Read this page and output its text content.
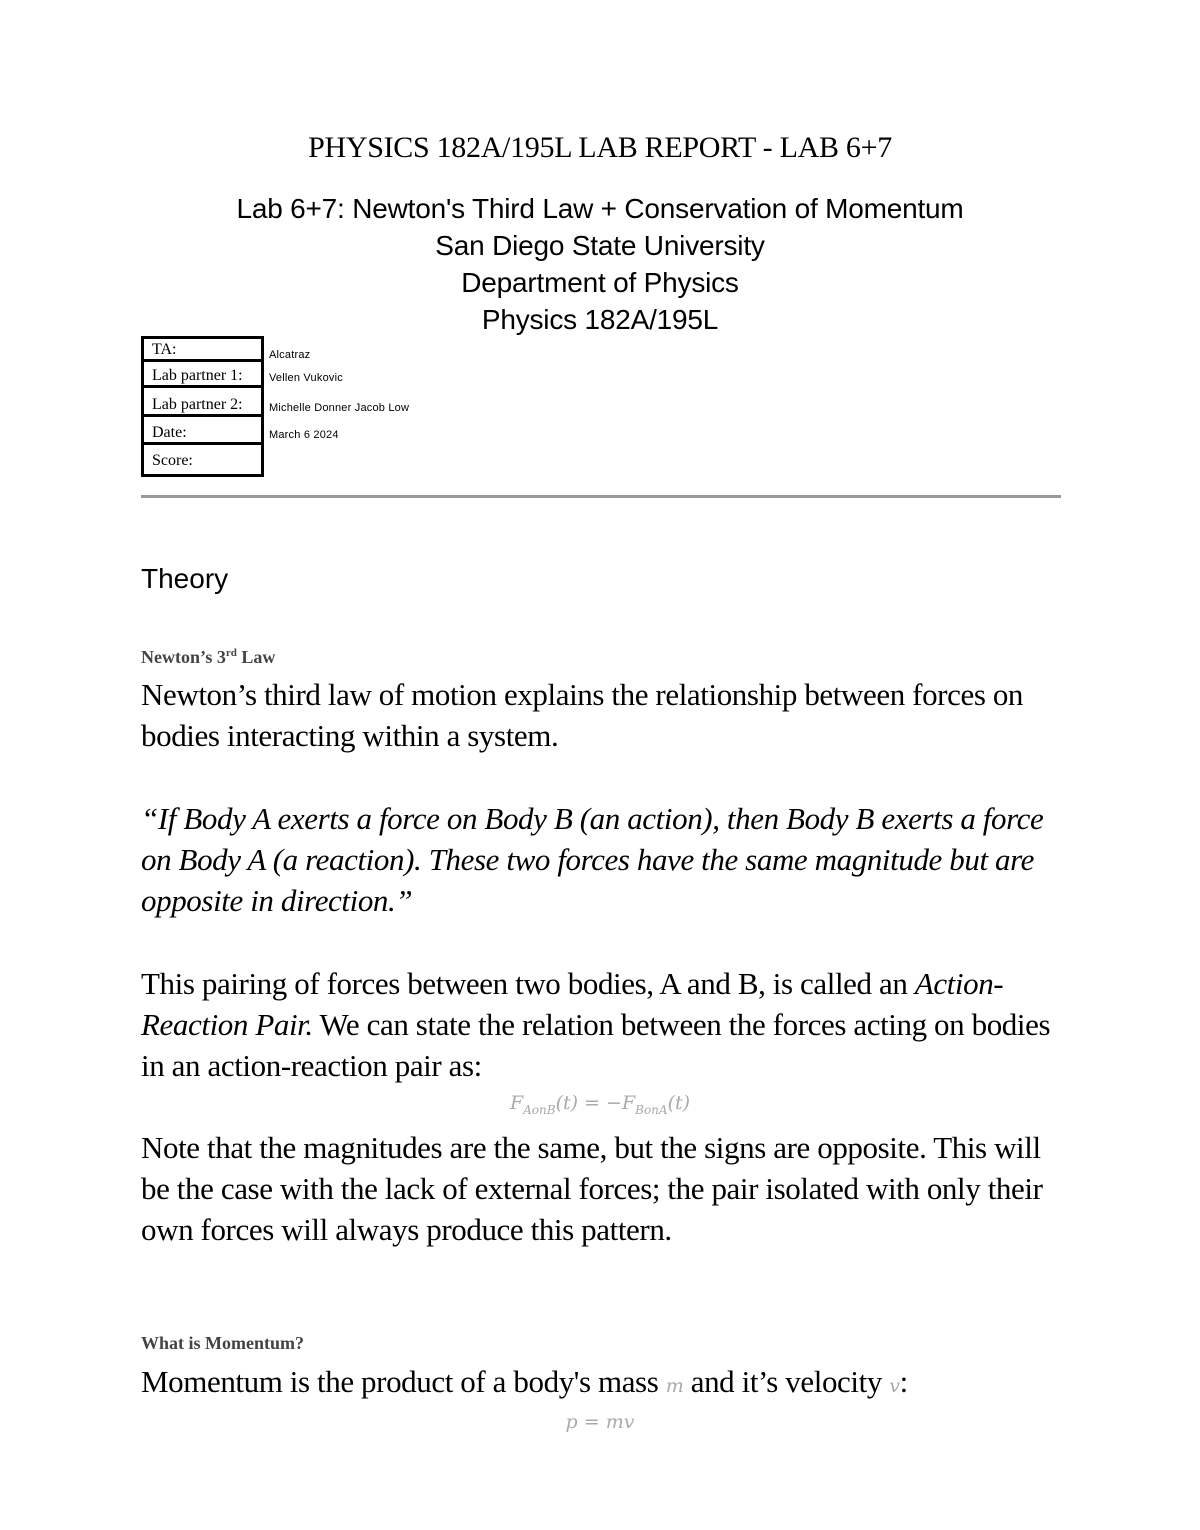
PHYSICS 182A/195L LAB REPORT - LAB 6+7
Lab 6+7: Newton's Third Law + Conservation of Momentum
San Diego State University
Department of Physics
Physics 182A/195L
TA:
Lab partner 1:
Lab partner 2:
Date:
Score:
Alcatraz
Vellen Vukovic
Michelle Donner Jacob Low
March 6 2024
Theory
Newton’s 3rd Law
Newton’s third law of motion explains the relationship between forces on bodies interacting within a system.
“If Body A exerts a force on Body B (an action), then Body B exerts a force on Body A (a reaction). These two forces have the same magnitude but are opposite in direction.”
This pairing of forces between two bodies, A and B, is called an Action-Reaction Pair. We can state the relation between the forces acting on bodies in an action-reaction pair as:
$F_{AonB}(t) = -F_{BonA}(t)$
Note that the magnitudes are the same, but the signs are opposite. This will be the case with the lack of external forces; the pair isolated with only their own forces will always produce this pattern.
What is Momentum?
Momentum is the product of a body's mass m and it’s velocity v:
p = mv
